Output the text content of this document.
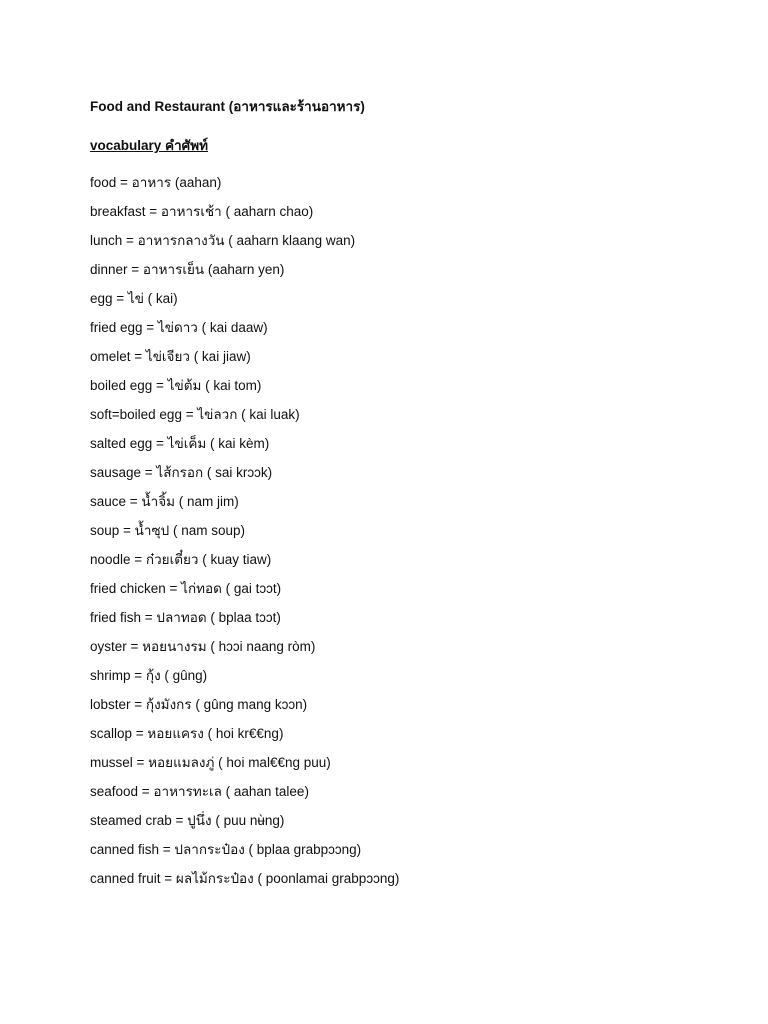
Food and Restaurant (อาหารและร้านอาหาร)
vocabulary คำศัพท์
food = อาหาร (aahan)
breakfast = อาหารเช้า ( aaharn chao)
lunch = อาหารกลางวัน ( aaharn klaang wan)
dinner = อาหารเย็น (aaharn yen)
egg = ไข่ ( kai)
fried egg = ไข่ดาว ( kai daaw)
omelet = ไข่เจียว ( kai jiaw)
boiled egg = ไข่ต้ม ( kai tom)
soft=boiled egg = ไข่ลวก ( kai luak)
salted egg = ไข่เค็ม ( kai kèm)
sausage = ไส้กรอก ( sai krɔɔk)
sauce = น้ำจิ้ม ( nam jim)
soup = น้ำซุป ( nam soup)
noodle = ก๋วยเตี๋ยว ( kuay tiaw)
fried chicken = ไก่ทอด ( gai tɔɔt)
fried fish = ปลาทอด ( bplaa tɔɔt)
oyster = หอยนางรม ( hɔɔi naang ròm)
shrimp = กุ้ง ( gûng)
lobster = กุ้งมังกร ( gûng mang kɔɔn)
scallop = หอยแครง ( hoi kr€€ng)
mussel = หอยแมลงภู่ ( hoi mal€€ng puu)
seafood = อาหารทะเล ( aahan talee)
steamed crab = ปูนึ่ง ( puu nʉ̀ng)
canned fish = ปลากระป๋อง ( bplaa grabpɔɔng)
canned fruit = ผลไม้กระป๋อง ( poonlamai grabpɔɔng)
